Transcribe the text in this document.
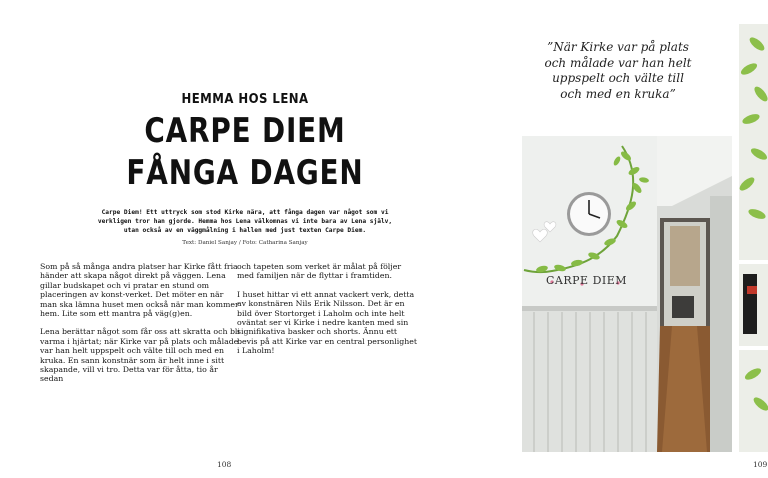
HEMMA HOS LENA
CARPE DIEM
FÅNGA DAGEN
Carpe Diem! Ett uttryck som stod Kirke nära, att fånga dagen var något som vi
verkligen tror han gjorde. Hemma hos Lena välkomnas vi inte bara av Lena själv,
utan också av en väggmålning i hallen med just texten Carpe Diem.
Text: Daniel Sanjay / Foto: Catharina Sanjay

Som på så många andra platser har Kirke fått fria händer att skapa något direkt på väggen. Lena gillar budskapet och vi pratar en stund om placeringen av konst-verket. Det möter en när man ska lämna huset men också när man kommer hem. Lite som ett mantra på väg(g)en.

Lena berättar något som får oss att skratta och bli varma i hjärtat; när Kirke var på plats och målade var han helt uppspelt och välte till och med en kruka. En sann konstnär som är helt inne i sitt skapande, vill vi tro. Detta var för åtta, tio år sedan

och tapeten som verket är målat på följer med familjen när de flyttar i framtiden.

I huset hittar vi ett annat vackert verk, detta av konstnären Nils Erik Nilsson. Det är en bild över Stortorget i Laholm och inte helt oväntat ser vi Kirke i nedre kanten med sin signifikativa basker och shorts. Ännu ett bevis på att Kirke var en central personlighet i Laholm!

108
”När Kirke var på plats
och målade var han helt
uppspelt och välte till
och med en kruka”
CARPE DIEM
109
